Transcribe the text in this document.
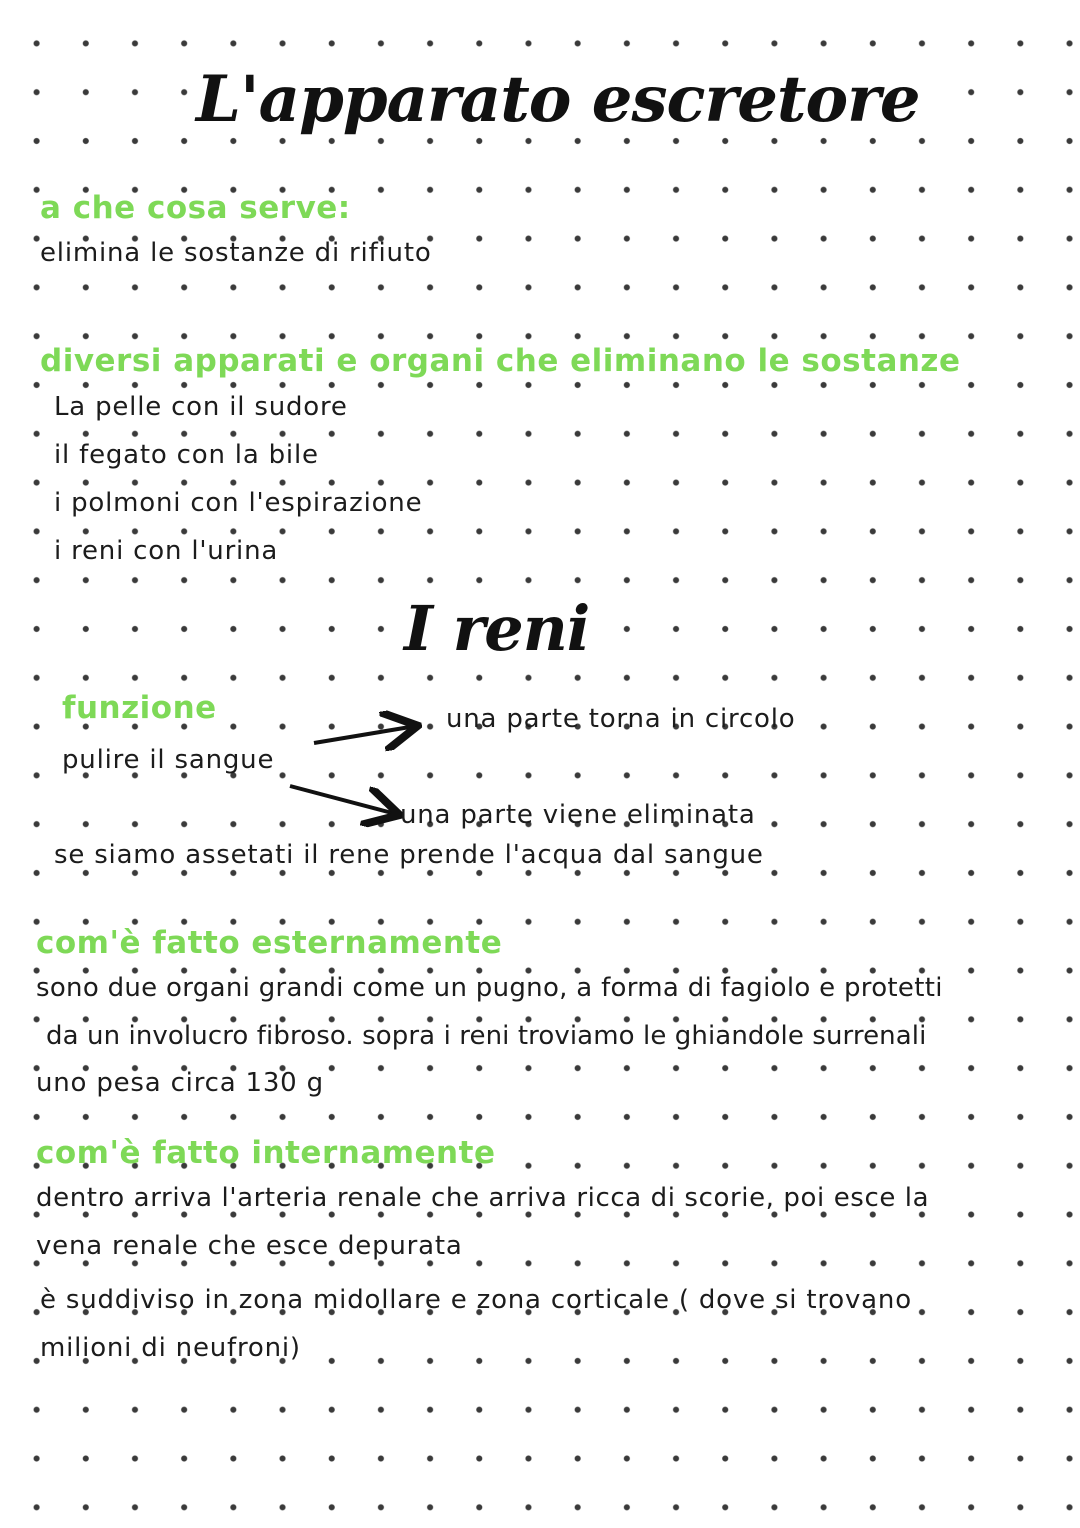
L'apparato escretore
a che cosa serve:
elimina le sostanze di rifiuto
diversi apparati e organi che eliminano le sostanze
La pelle con il sudore
il fegato con la bile
i polmoni con l'espirazione
i reni con l'urina
I reni
funzione
pulire il sangue
una parte torna in circolo
una parte viene eliminata
se siamo assetati il rene prende l'acqua dal sangue
com'è fatto esternamente
sono due organi grandi come un pugno, a forma di fagiolo e protetti
da un involucro fibroso. sopra i reni troviamo le ghiandole surrenali
uno pesa circa 130 g
com'è fatto internamente
dentro arriva l'arteria renale che arriva ricca di scorie, poi esce la
vena renale che esce depurata
è suddiviso in zona midollare e zona corticale ( dove si trovano
milioni di neufroni)
